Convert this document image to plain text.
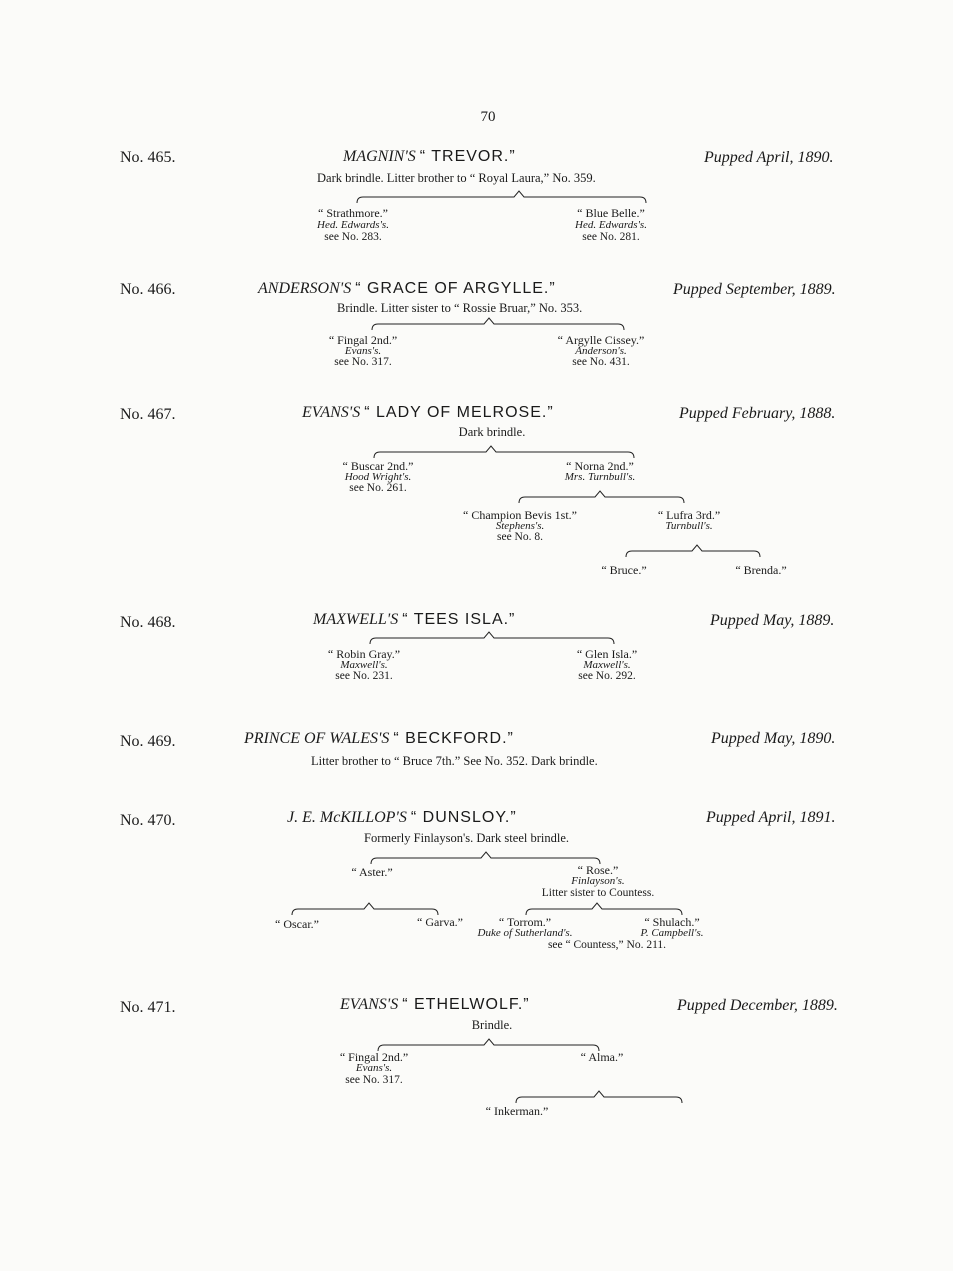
70
No. 465.	MAGNIN'S “ TREVOR.”	Pupped April, 1890.
Dark brindle. Litter brother to “ Royal Laura,” No. 359.
“ Strathmore.”
Hed. Edwards's.
see No. 283.
“ Blue Belle.”
Hed. Edwards's.
see No. 281.
No. 466.	ANDERSON'S “ GRACE OF ARGYLLE.”	Pupped September, 1889.
Brindle. Litter sister to “ Rossie Bruar,” No. 353.
“ Fingal 2nd.”
Evans's.
see No. 317.
“ Argylle Cissey.”
Anderson's.
see No. 431.
No. 467.	EVANS'S “ LADY OF MELROSE.”	Pupped February, 1888.
Dark brindle.
“ Buscar 2nd.”
Hood Wright's.
see No. 261.
“ Norna 2nd.”
Mrs. Turnbull's.
“ Champion Bevis 1st.”
Stephens's.
see No. 8.
“ Lufra 3rd.”
Turnbull's.
“ Bruce.”	“ Brenda.”
No. 468.	MAXWELL'S “ TEES ISLA.”	Pupped May, 1889.
“ Robin Gray.”
Maxwell's.
see No. 231.
“ Glen Isla.”
Maxwell's.
see No. 292.
No. 469.	PRINCE OF WALES'S “ BECKFORD.”	Pupped May, 1890.
Litter brother to “ Bruce 7th.” See No. 352. Dark brindle.
No. 470.	J. E. McKILLOP'S “ DUNSLOY.”	Pupped April, 1891.
Formerly Finlayson's. Dark steel brindle.
“ Aster.”	“ Rose.”
Finlayson's.
Litter sister to Countess.
“ Oscar.”	“ Garva.”	“ Torrom.”
Duke of Sutherland's.
“ Shulach.”
P. Campbell's.
see “ Countess,” No. 211.
No. 471.	EVANS'S “ ETHELWOLF.”	Pupped December, 1889.
Brindle.
“ Fingal 2nd.”
Evans's.
see No. 317.
“ Alma.”
“ Inkerman.”
